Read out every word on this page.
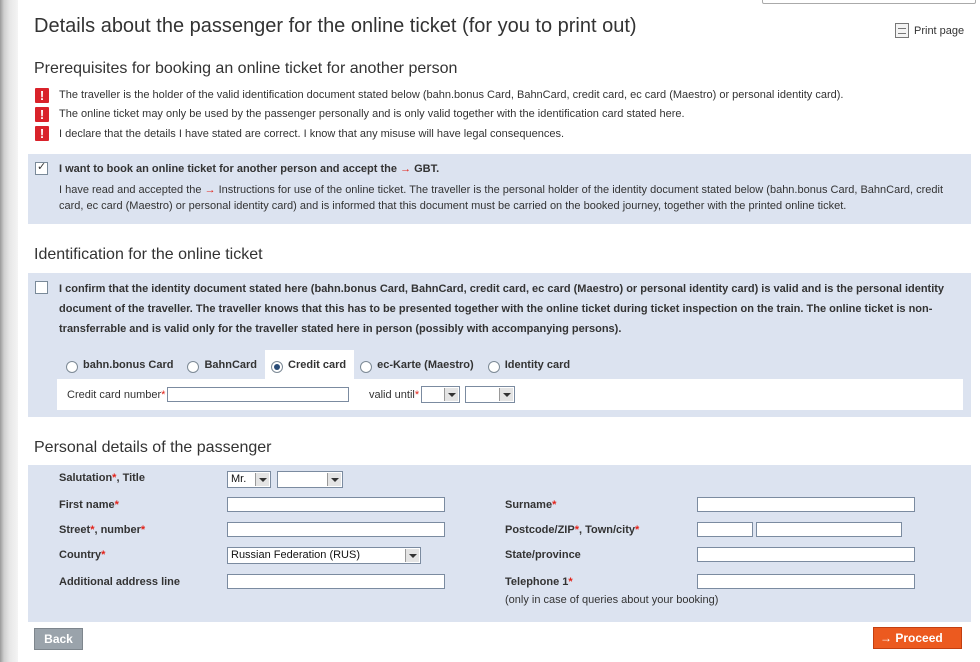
Details about the passenger for the online ticket (for you to print out)	Print page
Prerequisites for booking an online ticket for another person
!	The traveller is the holder of the valid identification document stated below (bahn.bonus Card, BahnCard, credit card, ec card (Maestro) or personal identity card).
!	The online ticket may only be used by the passenger personally and is only valid together with the identification card stated here.
!	I declare that the details I have stated are correct. I know that any misuse will have legal consequences.
✓
I want to book an online ticket for another person and accept the → GBT.
I have read and accepted the → Instructions for use of the online ticket. The traveller is the personal holder of the identity document stated below (bahn.bonus Card, BahnCard, credit card, ec card (Maestro) or personal identity card) and is informed that this document must be carried on the booked journey, together with the printed online ticket.
Identification for the online ticket
I confirm that the identity document stated here (bahn.bonus Card, BahnCard, credit card, ec card (Maestro) or personal identity card) is valid and is the personal identity document of the traveller. The traveller knows that this has to be presented together with the online ticket during ticket inspection on the train. The online ticket is non-transferrable and is valid only for the traveller stated here in person (possibly with accompanying persons).
bahn.bonus Card	BahnCard	Credit card	ec-Karte (Maestro)	Identity card
Credit card number*	valid until*
Personal details of the passenger
Salutation*, Title	Mr.
First name*	Surname*
Street*, number*	Postcode/ZIP*, Town/city*
Country*	Russian Federation (RUS)	State/province
Additional address line	Telephone 1*
(only in case of queries about your booking)
Back	→ Proceed
